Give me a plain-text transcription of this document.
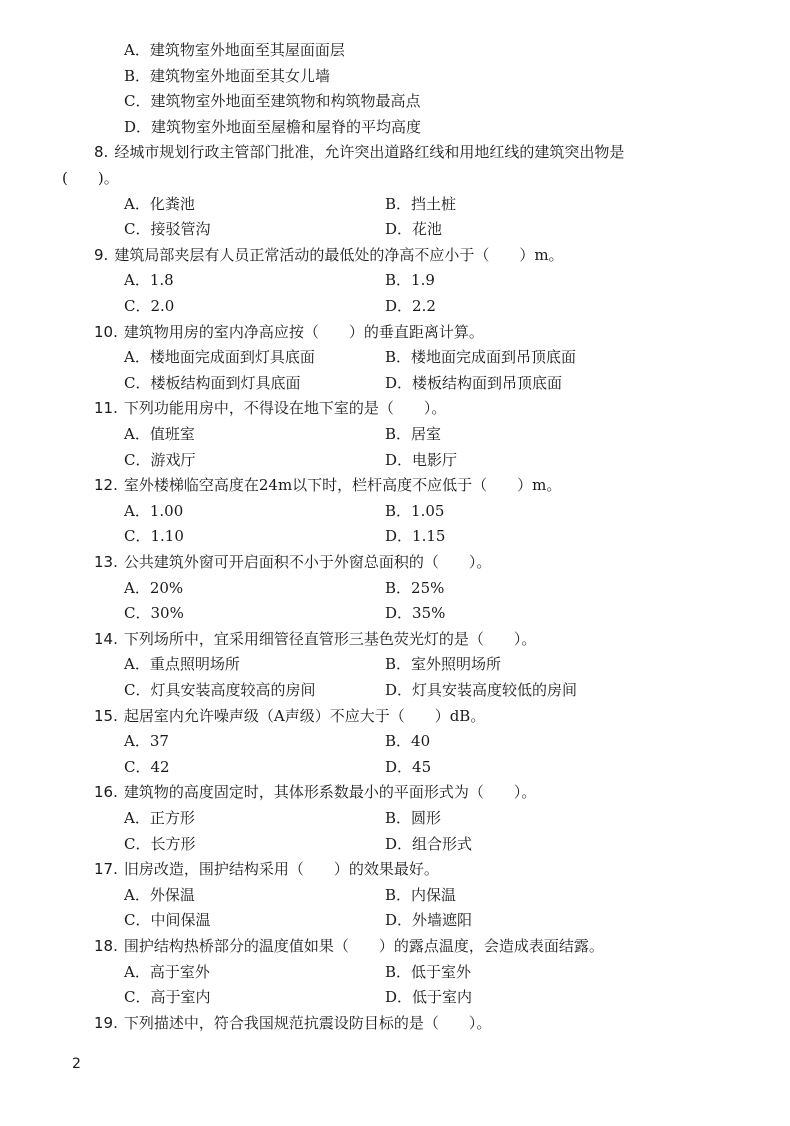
A．建筑物室外地面至其屋面面层
B．建筑物室外地面至其女儿墙
C．建筑物室外地面至建筑物和构筑物最高点
D．建筑物室外地面至屋檐和屋脊的平均高度
8. 经城市规划行政主管部门批准，允许突出道路红线和用地红线的建筑突出物是
(　　)。
A．化粪池	B．挡土桩
C．接驳管沟	D．花池
9. 建筑局部夹层有人员正常活动的最低处的净高不应小于（　　）m。
A．1.8	B．1.9
C．2.0	D．2.2
10. 建筑物用房的室内净高应按（　　）的垂直距离计算。
A．楼地面完成面到灯具底面	B．楼地面完成面到吊顶底面
C．楼板结构面到灯具底面	D．楼板结构面到吊顶底面
11. 下列功能用房中，不得设在地下室的是（　　）。
A．值班室	B．居室
C．游戏厅	D．电影厅
12. 室外楼梯临空高度在24m以下时，栏杆高度不应低于（　　）m。
A．1.00	B．1.05
C．1.10	D．1.15
13. 公共建筑外窗可开启面积不小于外窗总面积的（　　）。
A．20%	B．25%
C．30%	D．35%
14. 下列场所中，宜采用细管径直管形三基色荧光灯的是（　　）。
A．重点照明场所	B．室外照明场所
C．灯具安装高度较高的房间	D．灯具安装高度较低的房间
15. 起居室内允许噪声级（A声级）不应大于（　　）dB。
A．37	B．40
C．42	D．45
16. 建筑物的高度固定时，其体形系数最小的平面形式为（　　）。
A．正方形	B．圆形
C．长方形	D．组合形式
17. 旧房改造，围护结构采用（　　）的效果最好。
A．外保温	B．内保温
C．中间保温	D．外墙遮阳
18. 围护结构热桥部分的温度值如果（　　）的露点温度，会造成表面结露。
A．高于室外	B．低于室外
C．高于室内	D．低于室内
19. 下列描述中，符合我国规范抗震设防目标的是（　　）。
2
